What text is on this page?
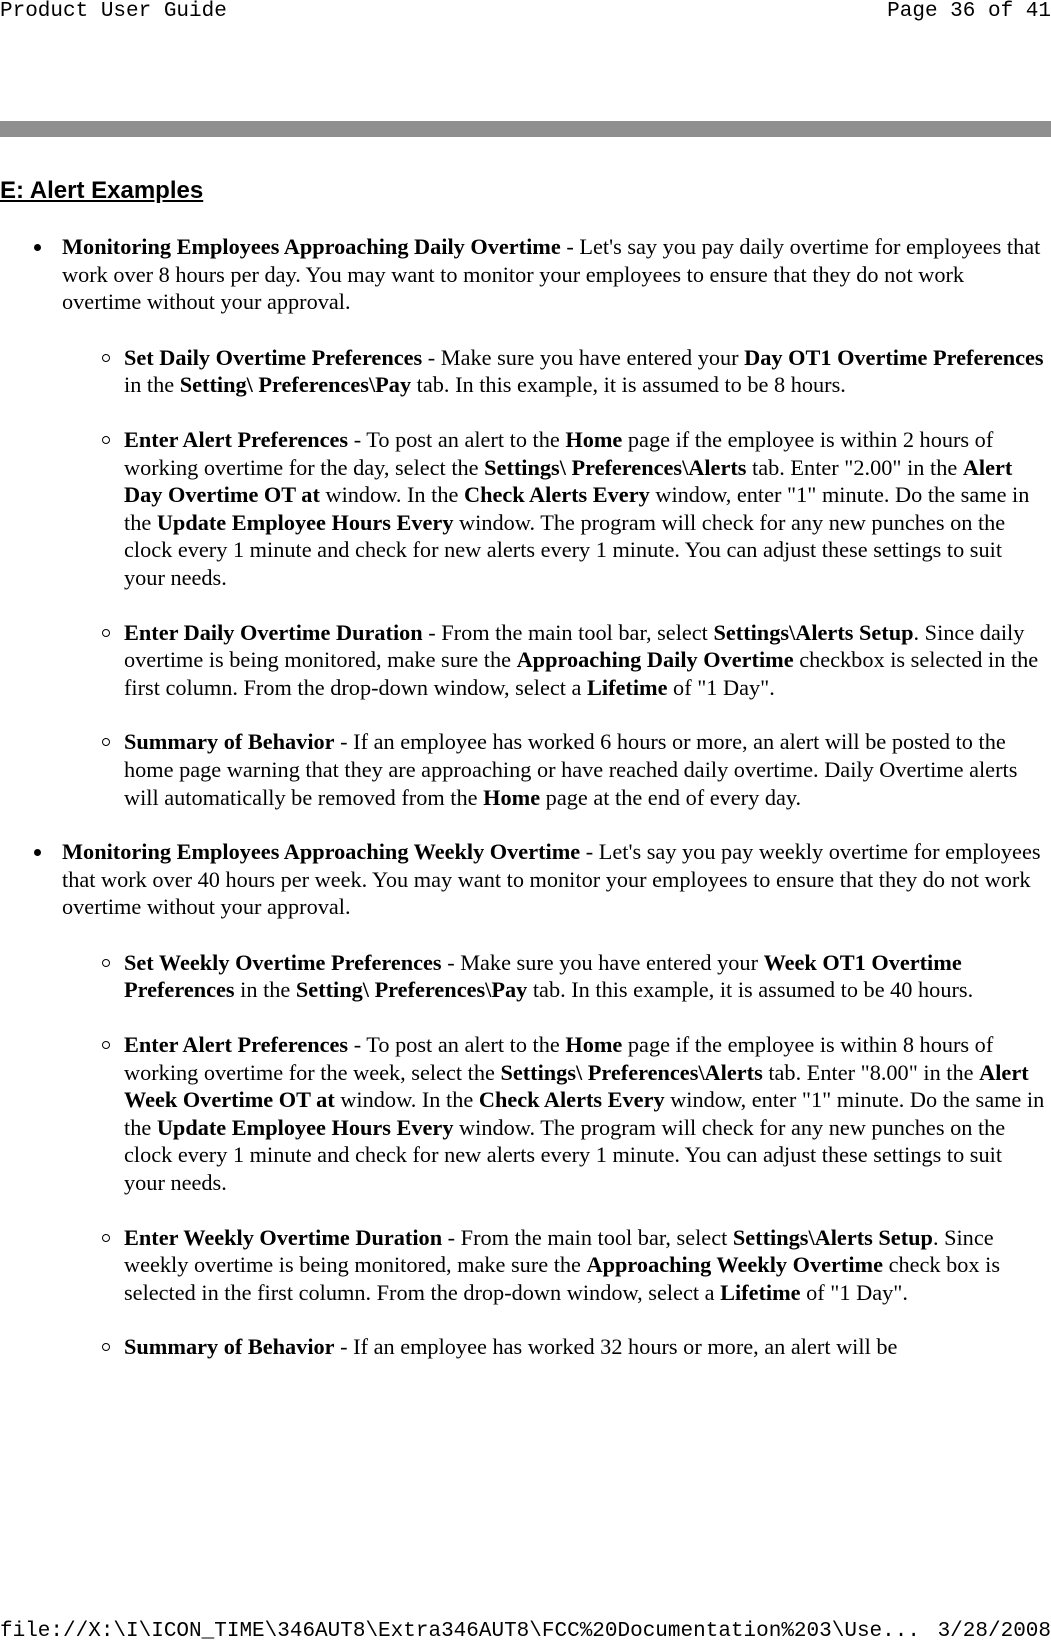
Product User Guide	Page 36 of 41
E: Alert Examples
Monitoring Employees Approaching Daily Overtime - Let's say you pay daily overtime for employees that work over 8 hours per day. You may want to monitor your employees to ensure that they do not work overtime without your approval.
Set Daily Overtime Preferences - Make sure you have entered your Day OT1 Overtime Preferences in the Setting\ Preferences\Pay tab. In this example, it is assumed to be 8 hours.
Enter Alert Preferences - To post an alert to the Home page if the employee is within 2 hours of working overtime for the day, select the Settings\ Preferences\Alerts tab. Enter "2.00" in the Alert Day Overtime OT at window. In the Check Alerts Every window, enter "1" minute. Do the same in the Update Employee Hours Every window. The program will check for any new punches on the clock every 1 minute and check for new alerts every 1 minute. You can adjust these settings to suit your needs.
Enter Daily Overtime Duration - From the main tool bar, select Settings\Alerts Setup. Since daily overtime is being monitored, make sure the Approaching Daily Overtime checkbox is selected in the first column. From the drop-down window, select a Lifetime of "1 Day".
Summary of Behavior - If an employee has worked 6 hours or more, an alert will be posted to the home page warning that they are approaching or have reached daily overtime. Daily Overtime alerts will automatically be removed from the Home page at the end of every day.
Monitoring Employees Approaching Weekly Overtime - Let's say you pay weekly overtime for employees that work over 40 hours per week. You may want to monitor your employees to ensure that they do not work overtime without your approval.
Set Weekly Overtime Preferences - Make sure you have entered your Week OT1 Overtime Preferences in the Setting\ Preferences\Pay tab. In this example, it is assumed to be 40 hours.
Enter Alert Preferences - To post an alert to the Home page if the employee is within 8 hours of working overtime for the week, select the Settings\ Preferences\Alerts tab. Enter "8.00" in the Alert Week Overtime OT at window. In the Check Alerts Every window, enter "1" minute. Do the same in the Update Employee Hours Every window. The program will check for any new punches on the clock every 1 minute and check for new alerts every 1 minute. You can adjust these settings to suit your needs.
Enter Weekly Overtime Duration - From the main tool bar, select Settings\Alerts Setup. Since weekly overtime is being monitored, make sure the Approaching Weekly Overtime check box is selected in the first column. From the drop-down window, select a Lifetime of "1 Day".
Summary of Behavior - If an employee has worked 32 hours or more, an alert will be
file://X:\I\ICON_TIME\346AUT8\Extra346AUT8\FCC%20Documentation%203\Use... 3/28/2008
